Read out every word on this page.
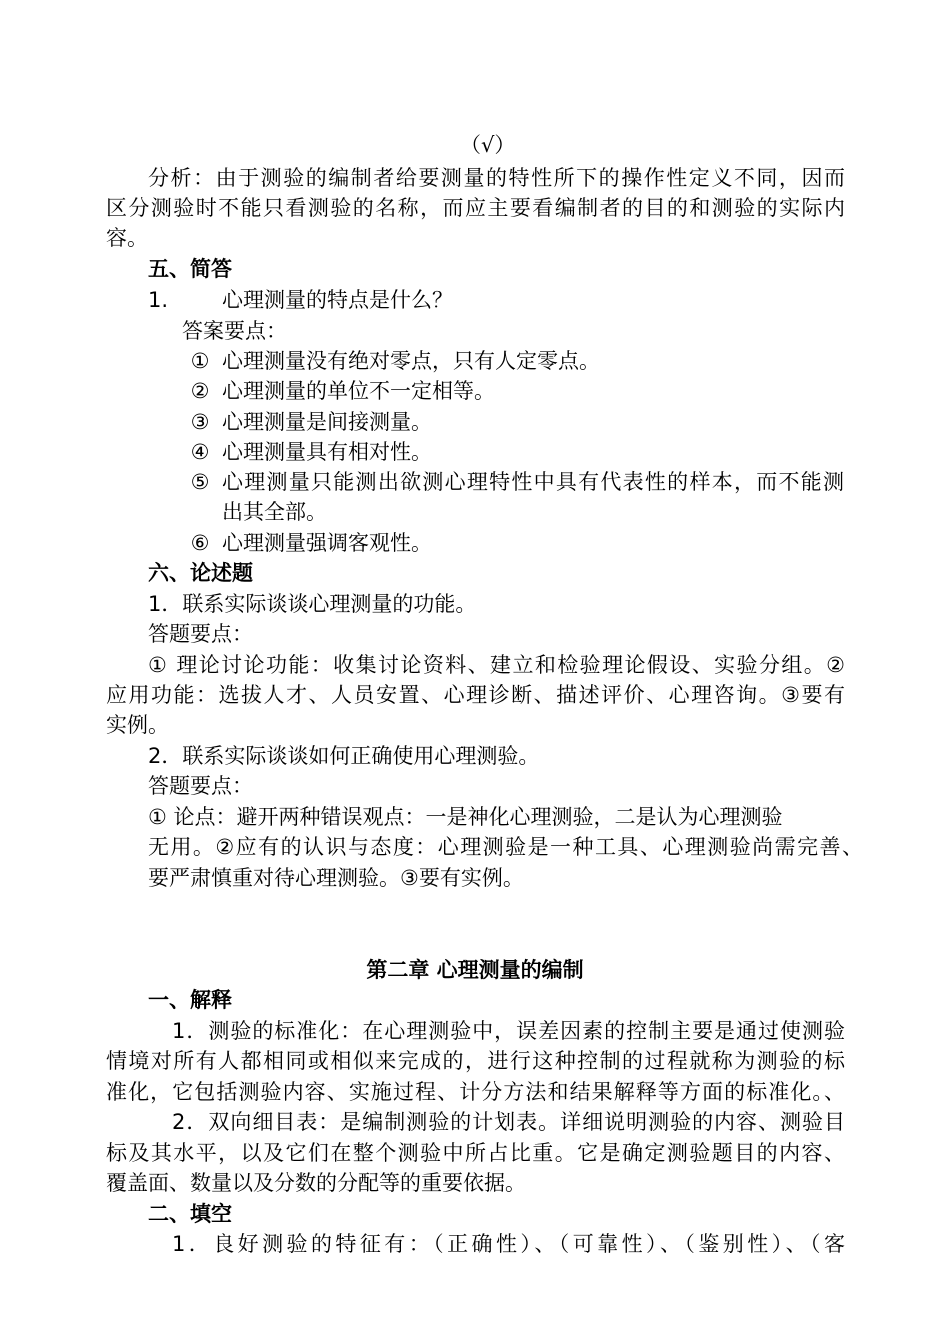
（√）
分析：由于测验的编制者给要测量的特性所下的操作性定义不同，因而
区分测验时不能只看测验的名称，而应主要看编制者的目的和测验的实际内
容。
五、简答
1.	心理测量的特点是什么？
答案要点：
① 心理测量没有绝对零点，只有人定零点。
② 心理测量的单位不一定相等。
③ 心理测量是间接测量。
④ 心理测量具有相对性。
⑤ 心理测量只能测出欲测心理特性中具有代表性的样本，而不能测
出其全部。
⑥ 心理测量强调客观性。
六、论述题
1．联系实际谈谈心理测量的功能。
答题要点：
① 理论讨论功能：收集讨论资料、建立和检验理论假设、实验分组。②
应用功能：选拔人才、人员安置、心理诊断、描述评价、心理咨询。③要有
实例。
2．联系实际谈谈如何正确使用心理测验。
答题要点：
① 论点：避开两种错误观点：一是神化心理测验，二是认为心理测验
无用。②应有的认识与态度：心理测验是一种工具、心理测验尚需完善、
要严肃慎重对待心理测验。③要有实例。
第二章 心理测量的编制
一、解释
1．测验的标准化：在心理测验中，误差因素的控制主要是通过使测验
情境对所有人都相同或相似来完成的，进行这种控制的过程就称为测验的标
准化，它包括测验内容、实施过程、计分方法和结果解释等方面的标准化。、
2．双向细目表：是编制测验的计划表。详细说明测验的内容、测验目
标及其水平，以及它们在整个测验中所占比重。它是确定测验题目的内容、
覆盖面、数量以及分数的分配等的重要依据。
二、填空
1．良好测验的特征有：（正确性）、（可靠性）、（鉴别性）、（客
